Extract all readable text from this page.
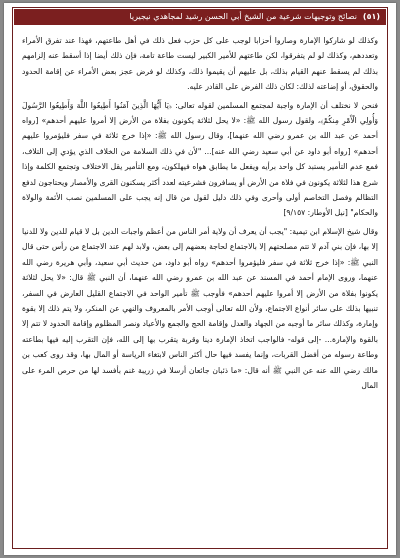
(٥١)
نصائح وتوجيهات شرعية من الشيخ أبي الحسن رشيد لمجاهدي نيجيريا

وكذلك لو شاركوا الإمارة وصاروا أحزابا لوجب على كل حزب فعل ذلك في أهل طاعتهم، فهذا عند تفرق الأمراء وتعددهم، وكذلك لو لم يتفرقوا، لكن طاعتهم للأمير الكبير ليست طاعة تامة، فإن ذلك أيضا إذا أسقط عنه إلزامهم بذلك لم يسقط عنهم القيام بذلك، بل عليهم أن يقيموا ذلك، وكذلك لو فرض عجز بعض الأمراء عن إقامة الحدود والحقوق، أو إضاعته لذلك: لكان ذلك الفرض على القادر عليه.

فنحن لا نختلف أن الإمارة واجبة لمجتمع المسلمين لقوله تعالى: ﴿يَا أَيُّهَا الَّذِينَ آمَنُوا أَطِيعُوا اللَّهَ وَأَطِيعُوا الرَّسُولَ وَأُولِي الْأَمْرِ مِنكُمْ﴾، ولقول رسول الله ﷺ: «لا يحل لثلاثة يكونون بفلاة من الأرض إلا أمروا عليهم أحدهم» [رواه أحمد عن عبد الله بن عمرو رضي الله عنهما]، وقال رسول الله ﷺ: «إذا خرج ثلاثة في سفر فليؤمروا عليهم أحدهم» [رواه أبو داود عن أبي سعيد رضي الله عنه]... "لأن في ذلك السلامة من الخلاف الذي يؤدي إلى التلاف، فمع عدم التأمير يستبد كل واحد برأيه ويفعل ما يطابق هواه فيهلكون، ومع التأمير يقل الاختلاف وتجتمع الكلمة وإذا شرع هذا لثلاثة يكونون في فلاة من الأرض أو يسافرون فشرعيته لعدد أكثر يسكنون القرى والأمصار ويحتاجون لدفع التظالم وفصل التخاصم أولى وأحرى وفي ذلك دليل لقول من قال إنه يجب على المسلمين نصب الأئمة والولاة والحكام" [نيل الأوطار: ٩/١٥٧]

وقال شيخ الإسلام ابن تيمية: "يجب أن يعرف أن ولاية أمر الناس من أعظم واجبات الدين بل لا قيام للدين ولا للدنيا إلا بها، فإن بني آدم لا تتم مصلحتهم إلا بالاجتماع لحاجة بعضهم إلى بعض، ولابد لهم عند الاجتماع من رأس حتى قال النبي ﷺ: «إذا خرج ثلاثة في سفر فليؤمروا أحدهم» رواه أبو داود، من حديث أبي سعيد، وأبي هريرة رضي الله عنهما، وروى الإمام أحمد في المسند عن عبد الله بن عمرو رضي الله عنهما، أن النبي ﷺ قال: «لا يحل لثلاثة يكونوا بفلاة من الأرض إلا أمروا عليهم أحدهم» فأوجب ﷺ تأمير الواحد في الاجتماع القليل العارض في السفر، تنبيها بذلك على سائر أنواع الاجتماع، ولأن الله تعالى أوجب الأمر بالمعروف والنهي عن المنكر، ولا يتم ذلك إلا بقوة وإمارة، وكذلك سائر ما أوجبه من الجهاد والعدل وإقامة الحج والجمع والأعياد ونصر المظلوم وإقامة الحدود لا تتم إلا بالقوة والإمارة... -إلى قوله- فالواجب اتخاذ الإمارة دينا وقربة يتقرب بها إلى الله، فإن التقرب إليه فيها بطاعته وطاعة رسوله من أفضل القربات، وإنما يفسد فيها حال أكثر الناس لابتغاء الرياسة أو المال بها، وقد روى كعب بن مالك رضي الله عنه عن النبي ﷺ أنه قال: «ما ذئبان جائعان أرسلا في زريبة غنم بأفسد لها من حرص المرء على المال
